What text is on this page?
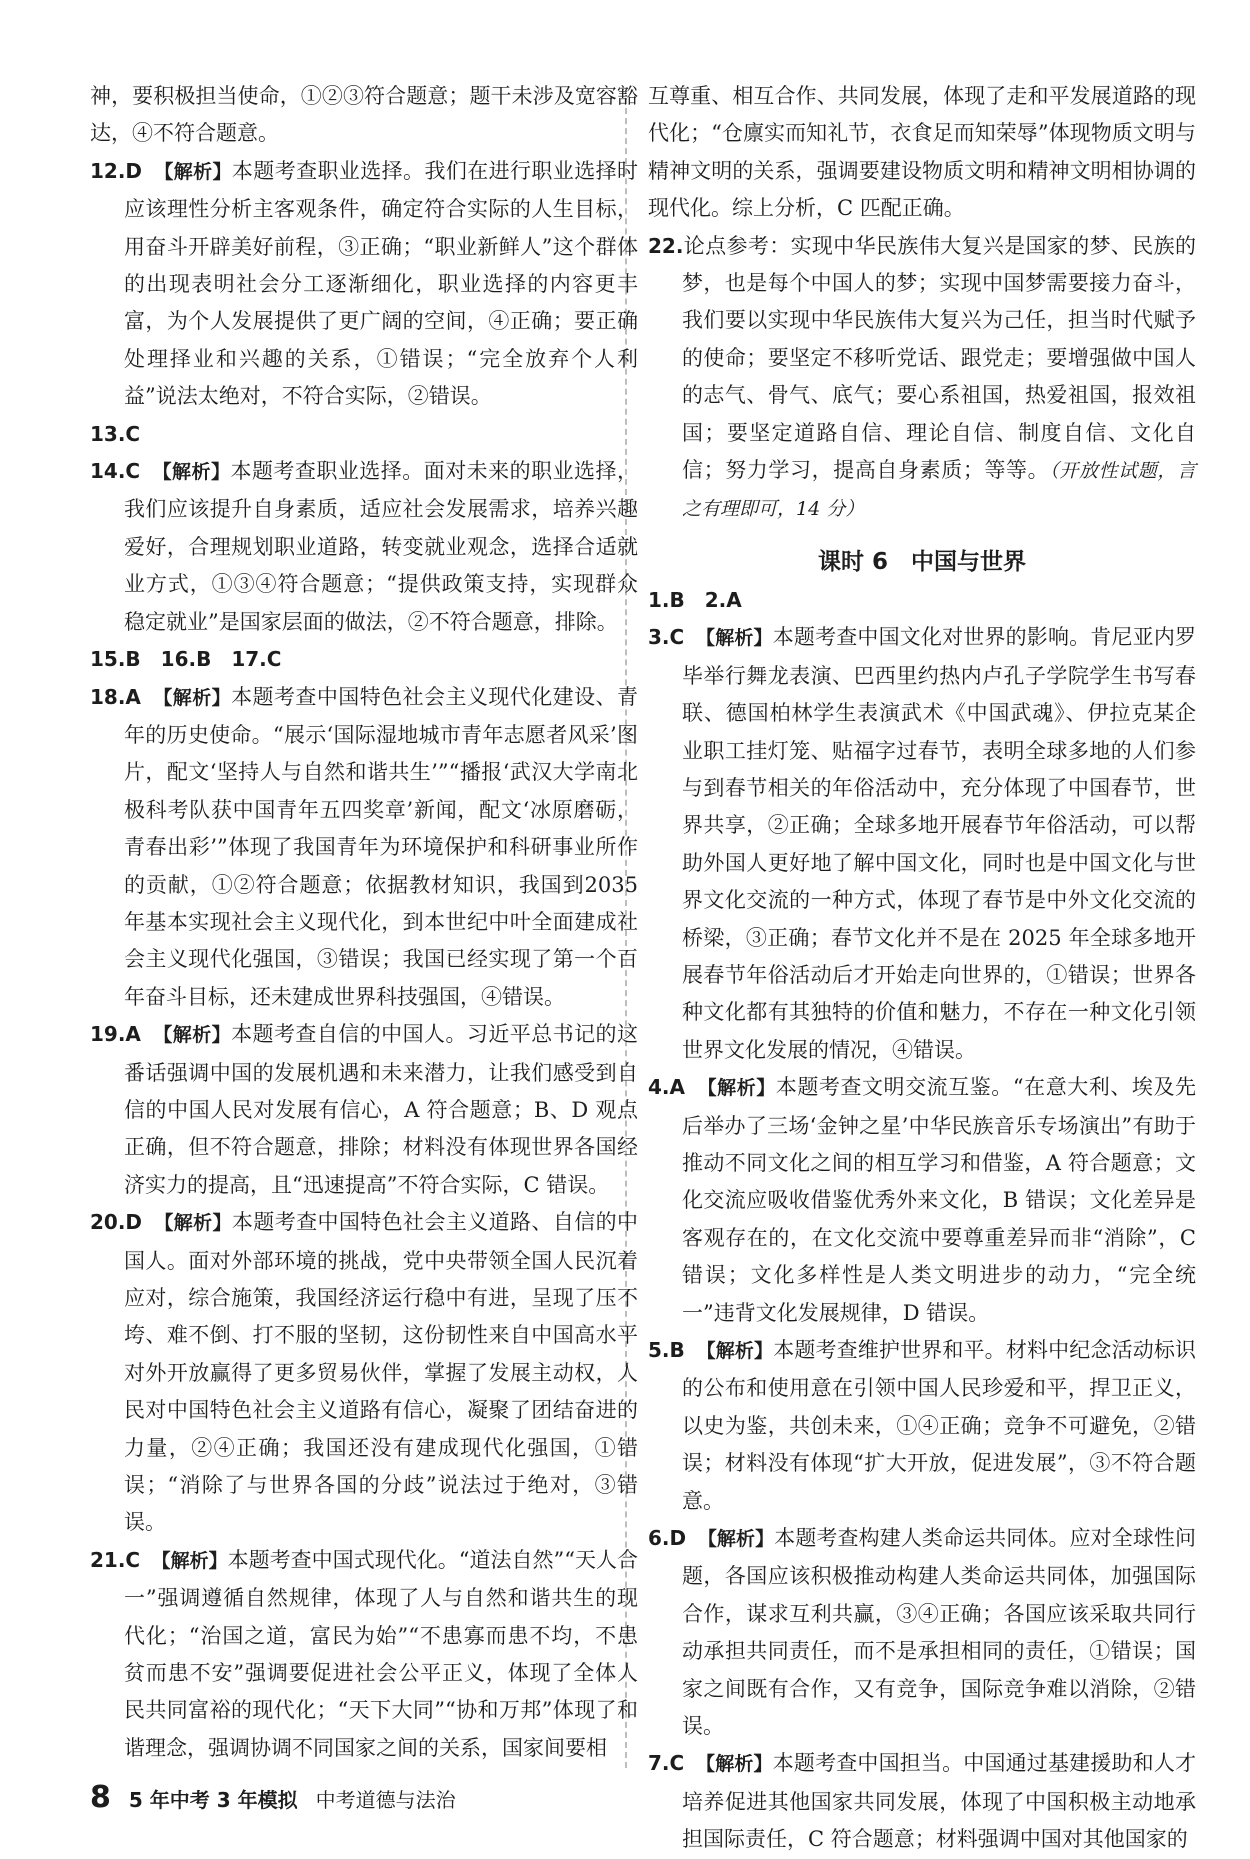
神，要积极担当使命，①②③符合题意；题干未涉及宽容豁达，④不符合题意。

12.D　 【解析】本题考查职业选择。我们在进行职业选择时应该理性分析主客观条件，确定符合实际的人生目标，用奋斗开辟美好前程，③正确；“职业新鲜人”这个群体的出现表明社会分工逐渐细化，职业选择的内容更丰富，为个人发展提供了更广阔的空间，④正确；要正确处理择业和兴趣的关系，①错误；“完全放弃个人利益”说法太绝对，不符合实际，②错误。

13.C

14.C　 【解析】本题考查职业选择。面对未来的职业选择，我们应该提升自身素质，适应社会发展需求，培养兴趣爱好，合理规划职业道路，转变就业观念，选择合适就业方式，①③④符合题意；“提供政策支持，实现群众稳定就业”是国家层面的做法，②不符合题意，排除。

15.B　16.B　17.C

18.A　 【解析】本题考查中国特色社会主义现代化建设、青年的历史使命。“展示‘国际湿地城市青年志愿者风采’图片，配文‘坚持人与自然和谐共生’”“播报‘武汉大学南北极科考队获中国青年五四奖章’新闻，配文‘冰原磨砺，青春出彩’”体现了我国青年为环境保护和科研事业所作的贡献，①②符合题意；依据教材知识，我国到2035年基本实现社会主义现代化，到本世纪中叶全面建成社会主义现代化强国，③错误；我国已经实现了第一个百年奋斗目标，还未建成世界科技强国，④错误。

19.A　 【解析】本题考查自信的中国人。习近平总书记的这番话强调中国的发展机遇和未来潜力，让我们感受到自信的中国人民对发展有信心，A 符合题意；B、D 观点正确，但不符合题意，排除；材料没有体现世界各国经济实力的提高，且“迅速提高”不符合实际，C 错误。

20.D　 【解析】本题考查中国特色社会主义道路、自信的中国人。面对外部环境的挑战，党中央带领全国人民沉着应对，综合施策，我国经济运行稳中有进，呈现了压不垮、难不倒、打不服的坚韧，这份韧性来自中国高水平对外开放赢得了更多贸易伙伴，掌握了发展主动权，人民对中国特色社会主义道路有信心，凝聚了团结奋进的力量，②④正确；我国还没有建成现代化强国，①错误；“消除了与世界各国的分歧”说法过于绝对，③错误。

21.C　 【解析】本题考查中国式现代化。“道法自然”“天人合一”强调遵循自然规律，体现了人与自然和谐共生的现代化；“治国之道，富民为始”“不患寡而患不均，不患贫而患不安”强调要促进社会公平正义，体现了全体人民共同富裕的现代化；“天下大同”“协和万邦”体现了和谐理念，强调协调不同国家之间的关系，国家间要相

互尊重、相互合作、共同发展，体现了走和平发展道路的现代化；“仓廪实而知礼节，衣食足而知荣辱”体现物质文明与精神文明的关系，强调要建设物质文明和精神文明相协调的现代化。综上分析，C 匹配正确。

22.论点参考：实现中华民族伟大复兴是国家的梦、民族的梦，也是每个中国人的梦；实现中国梦需要接力奋斗，我们要以实现中华民族伟大复兴为己任，担当时代赋予的使命；要坚定不移听党话、跟党走；要增强做中国人的志气、骨气、底气；要心系祖国，热爱祖国，报效祖国；要坚定道路自信、理论自信、制度自信、文化自信；努力学习，提高自身素质；等等。（开放性试题，言之有理即可，14 分）

课时 6　中国与世界

1.B　2.A

3.C　 【解析】本题考查中国文化对世界的影响。肯尼亚内罗毕举行舞龙表演、巴西里约热内卢孔子学院学生书写春联、德国柏林学生表演武术《中国武魂》、伊拉克某企业职工挂灯笼、贴福字过春节，表明全球多地的人们参与到春节相关的年俗活动中，充分体现了中国春节，世界共享，②正确；全球多地开展春节年俗活动，可以帮助外国人更好地了解中国文化，同时也是中国文化与世界文化交流的一种方式，体现了春节是中外文化交流的桥梁，③正确；春节文化并不是在 2025 年全球多地开展春节年俗活动后才开始走向世界的，①错误；世界各种文化都有其独特的价值和魅力，不存在一种文化引领世界文化发展的情况，④错误。

4.A　 【解析】本题考查文明交流互鉴。“在意大利、埃及先后举办了三场‘金钟之星’中华民族音乐专场演出”有助于推动不同文化之间的相互学习和借鉴，A 符合题意；文化交流应吸收借鉴优秀外来文化，B 错误；文化差异是客观存在的，在文化交流中要尊重差异而非“消除”，C 错误；文化多样性是人类文明进步的动力，“完全统一”违背文化发展规律，D 错误。

5.B　 【解析】本题考查维护世界和平。材料中纪念活动标识的公布和使用意在引领中国人民珍爱和平，捍卫正义，以史为鉴，共创未来，①④正确；竞争不可避免，②错误；材料没有体现“扩大开放，促进发展”，③不符合题意。

6.D　 【解析】本题考查构建人类命运共同体。应对全球性问题，各国应该积极推动构建人类命运共同体，加强国际合作，谋求互利共赢，③④正确；各国应该采取共同行动承担共同责任，而不是承担相同的责任，①错误；国家之间既有合作，又有竞争，国际竞争难以消除，②错误。

7.C　 【解析】本题考查中国担当。中国通过基建援助和人才培养促进其他国家共同发展，体现了中国积极主动地承担国际责任，C 符合题意；材料强调中国对其他国家的

8 5 年中考 3 年模拟 中考道德与法治
